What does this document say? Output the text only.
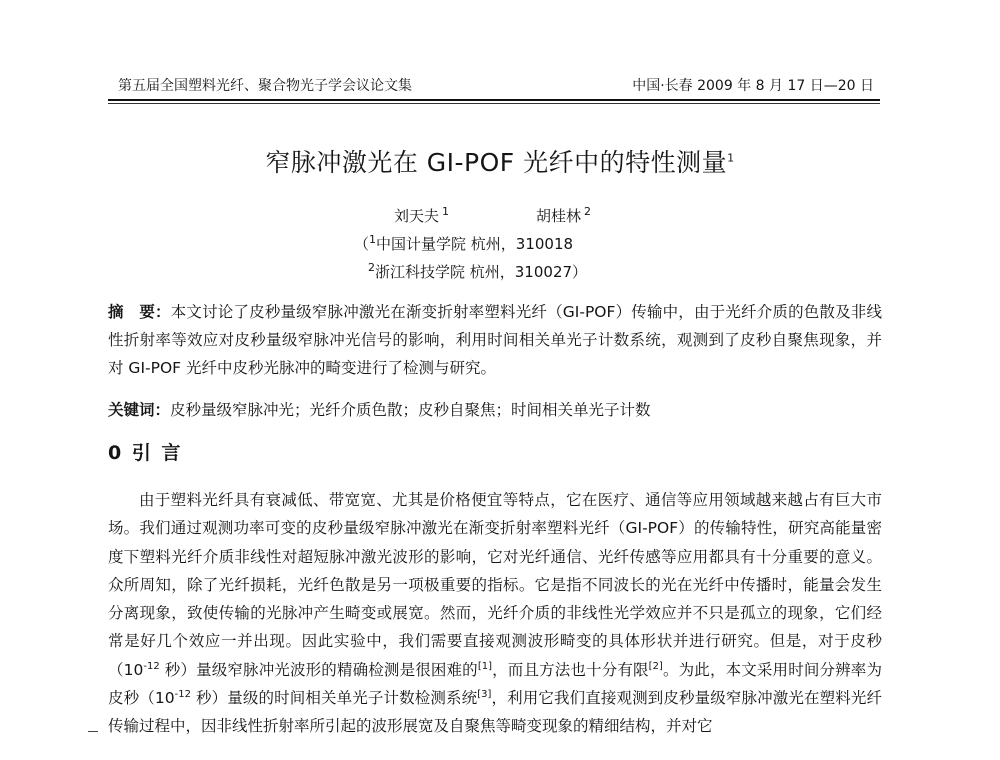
第五届全国塑料光纤、聚合物光子学会议论文集	中国·长春 2009 年 8 月 17 日—20 日
窄脉冲激光在 GI-POF 光纤中的特性测量$^1$
刘天夫  $^1$	胡桂林  $^2$
（$^1$中国计量学院 杭州，310018
$^2$浙江科技学院 杭州，310027）
摘　要：本文讨论了皮秒量级窄脉冲激光在渐变折射率塑料光纤（GI-POF）传输中，由于光纤介质的色散及非线性折射率等效应对皮秒量级窄脉冲光信号的影响，利用时间相关单光子计数系统，观测到了皮秒自聚焦现象，并对 GI-POF 光纤中皮秒光脉冲的畸变进行了检测与研究。
关键词：皮秒量级窄脉冲光；光纤介质色散；皮秒自聚焦；时间相关单光子计数
0 引 言
由于塑料光纤具有衰减低、带宽宽、尤其是价格便宜等特点，它在医疗、通信等应用领域越来越占有巨大市场。我们通过观测功率可变的皮秒量级窄脉冲激光在渐变折射率塑料光纤（GI-POF）的传输特性，研究高能量密度下塑料光纤介质非线性对超短脉冲激光波形的影响，它对光纤通信、光纤传感等应用都具有十分重要的意义。众所周知，除了光纤损耗，光纤色散是另一项极重要的指标。它是指不同波长的光在光纤中传播时，能量会发生分离现象，致使传输的光脉冲产生畸变或展宽。然而，光纤介质的非线性光学效应并不只是孤立的现象，它们经常是好几个效应一并出现。因此实验中，我们需要直接观测波形畸变的具体形状并进行研究。但是，对于皮秒（$10^{-12}$ 秒）量级窄脉冲光波形的精确检测是很困难的[1]，而且方法也十分有限[2]。为此，本文采用时间分辨率为皮秒（$10^{-12}$ 秒）量级的时间相关单光子计数检测系统[3]，利用它我们直接观测到皮秒量级窄脉冲激光在塑料光纤传输过程中，因非线性折射率所引起的波形展宽及自聚焦等畸变现象的精细结构，并对它
